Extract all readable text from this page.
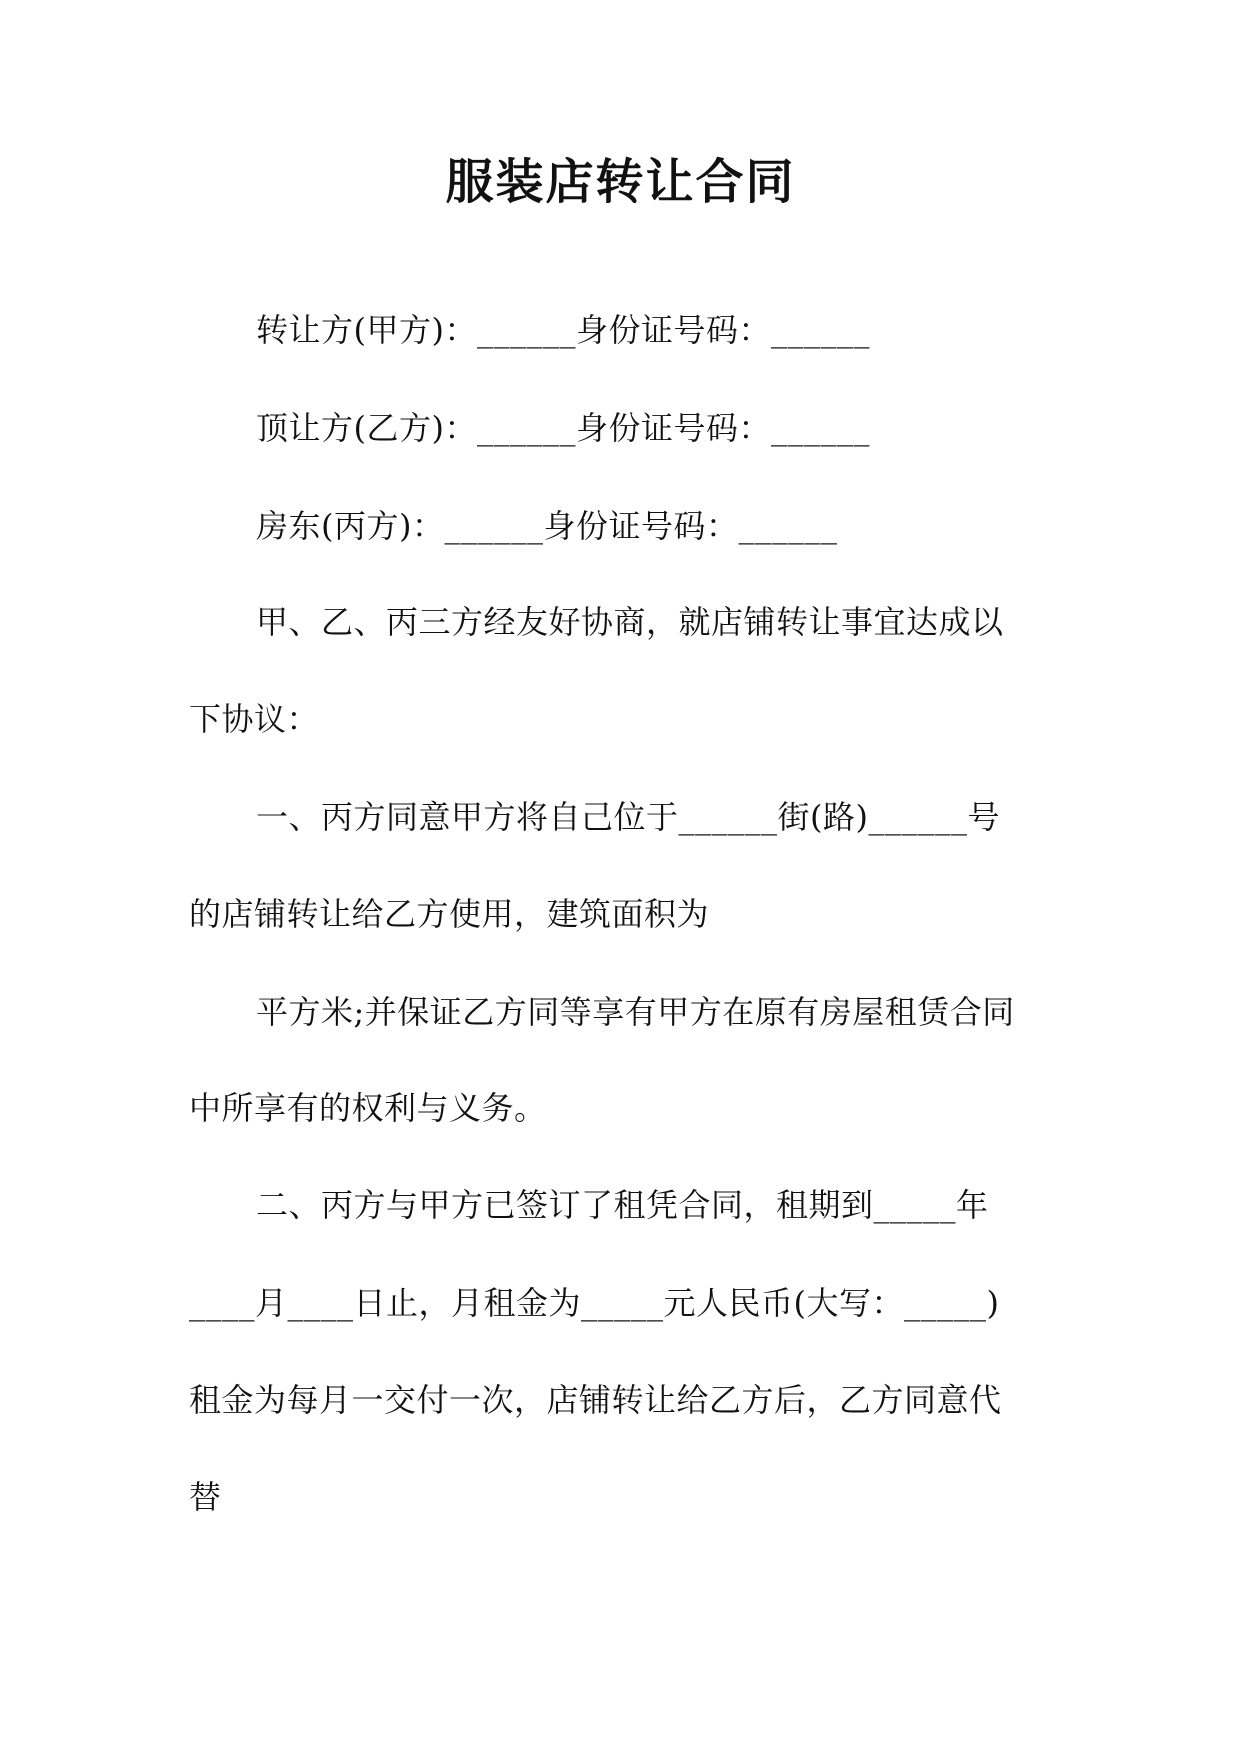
服装店转让合同
转让方(甲方)：______身份证号码：______
顶让方(乙方)：______身份证号码：______
房东(丙方)：______身份证号码：______
甲、乙、丙三方经友好协商，就店铺转让事宜达成以
下协议：
一、丙方同意甲方将自己位于______街(路)______号
的店铺转让给乙方使用，建筑面积为
平方米;并保证乙方同等享有甲方在原有房屋租赁合同
中所享有的权利与义务。
二、丙方与甲方已签订了租凭合同，租期到_____年
____月____日止，月租金为_____元人民币(大写：_____)
租金为每月一交付一次，店铺转让给乙方后，乙方同意代
替
